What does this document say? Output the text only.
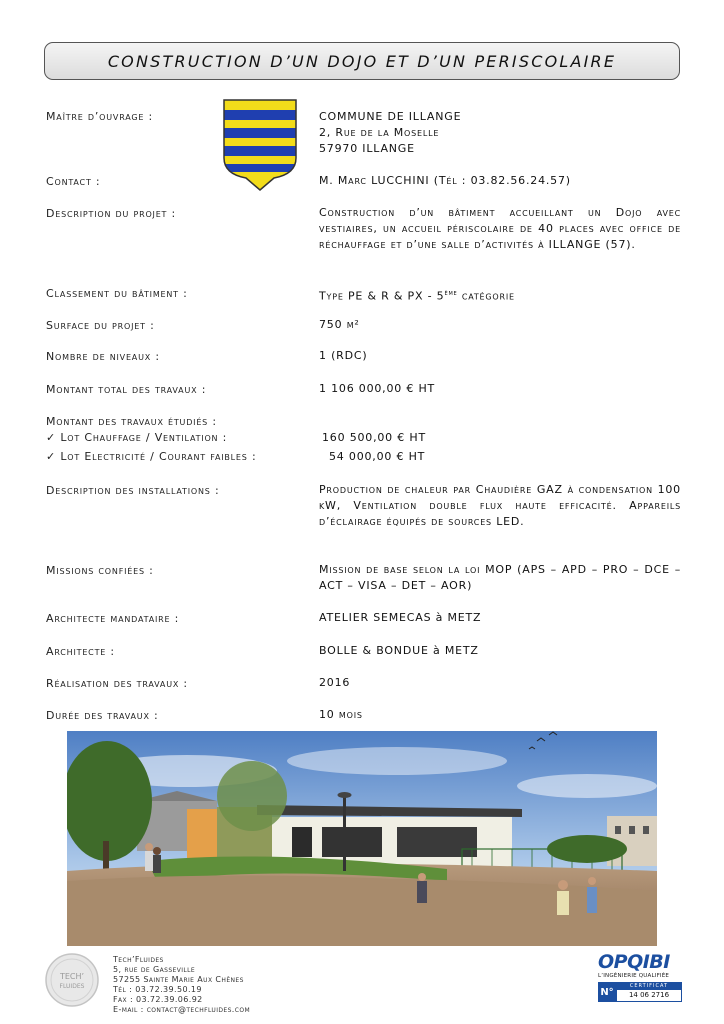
CONSTRUCTION D’UN DOJO ET D’UN PERISCOLAIRE
Maître d’ouvrage :	COMMUNE DE ILLANGE
2, Rue de la Moselle
57970 ILLANGE
Contact :	M. Marc LUCCHINI (Tél : 03.82.56.24.57)
Description du projet :	Construction d’un bâtiment accueillant un Dojo avec vestiaires, un accueil périscolaire de 40 places avec office de réchauffage et d’une salle d’activités à ILLANGE (57).
Classement du bâtiment :	Type PE & R & PX - 5ème catégorie
Surface du projet :	750 m²
Nombre de niveaux :	1 (RDC)
Montant total des travaux :	1 106 000,00 € HT
Montant des travaux étudiés :
✓ Lot Chauffage / Ventilation :	160 500,00 € HT
✓ Lot Electricité / Courant faibles :	54 000,00 € HT
Description des installations :	Production de chaleur par Chaudière GAZ à condensation 100 kW, Ventilation double flux haute efficacité. Appareils d’éclairage équipés de sources LED.
Missions confiées :	Mission de base selon la loi MOP (APS – APD – PRO – DCE – ACT – VISA – DET – AOR)
Architecte mandataire :	ATELIER SEMECAS à METZ
Architecte :	BOLLE & BONDUE à METZ
Réalisation des travaux :	2016
Durée des travaux :	10 mois
TECH’
FLUIDES
Tech’Fluides
5, rue de Gasseville
57255 Sainte Marie Aux Chênes
Tél : 03.72.39.50.19
Fax : 03.72.39.06.92
E-mail : contact@techfluides.com
OPQIBI
L’INGÉNIERIE QUALIFIÉE
N°
CERTIFICAT
14 06 2716
